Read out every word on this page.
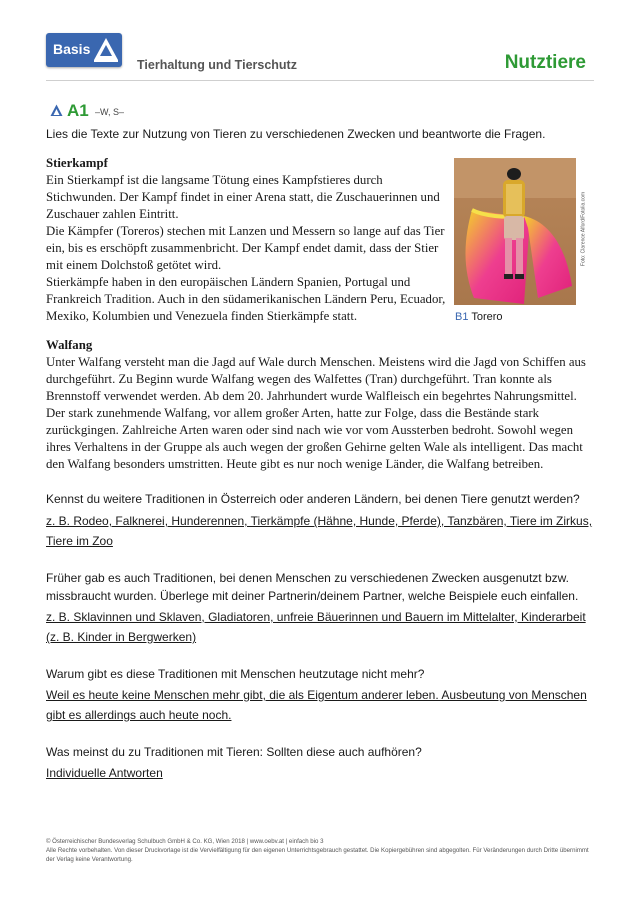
Basis
Tierhaltung und Tierschutz	Nutztiere
A1 –W, S–
Lies die Texte zur Nutzung von Tieren zu verschiedenen Zwecken und beantworte die Fragen.

Stierkampf

Ein Stierkampf ist die langsame Tötung eines Kampfstieres durch Stichwunden. Der Kampf findet in einer Arena statt, die Zuschauerinnen und Zuschauer zahlen Eintritt.

Die Kämpfer (Toreros) stechen mit Lanzen und Messern so lange auf das Tier ein, bis es erschöpft zusammenbricht. Der Kampf endet damit, dass der Stier mit einem Dolchstoß getötet wird.

Stierkämpfe haben in den europäischen Ländern Spanien, Portugal und Frankreich Tradition. Auch in den südamerikanischen Ländern Peru, Ecuador, Mexiko, Kolumbien und Venezuela finden Stierkämpfe statt.

Foto: Clarence Alford/Fotolia.com
B1 Torero

Walfang

Unter Walfang versteht man die Jagd auf Wale durch Menschen. Meistens wird die Jagd von Schiffen aus durchgeführt. Zu Beginn wurde Walfang wegen des Walfettes (Tran) durchgeführt. Tran konnte als Brennstoff verwendet werden. Ab dem 20. Jahrhundert wurde Walfleisch ein begehrtes Nahrungsmittel. Der stark zunehmende Walfang, vor allem großer Arten, hatte zur Folge, dass die Bestände stark zurückgingen. Zahlreiche Arten waren oder sind nach wie vor vom Aussterben bedroht. Sowohl wegen ihres Verhaltens in der Gruppe als auch wegen der großen Gehirne gelten Wale als intelligent. Das macht den Walfang besonders umstritten. Heute gibt es nur noch wenige Länder, die Walfang betreiben.

Kennst du weitere Traditionen in Österreich oder anderen Ländern, bei denen Tiere genutzt werden?
z. B. Rodeo, Falknerei, Hunderennen, Tierkämpfe (Hähne, Hunde, Pferde), Tanzbären, Tiere im Zirkus, Tiere im Zoo
Früher gab es auch Traditionen, bei denen Menschen zu verschiedenen Zwecken ausgenutzt bzw. missbraucht wurden. Überlege mit deiner Partnerin/deinem Partner, welche Beispiele euch einfallen.
z. B. Sklavinnen und Sklaven, Gladiatoren, unfreie Bäuerinnen und Bauern im Mittelalter, Kinderarbeit (z. B. Kinder in Bergwerken)
Warum gibt es diese Traditionen mit Menschen heutzutage nicht mehr?
Weil es heute keine Menschen mehr gibt, die als Eigentum anderer leben. Ausbeutung von Menschen gibt es allerdings auch heute noch.
Was meinst du zu Traditionen mit Tieren: Sollten diese auch aufhören?
Individuelle Antworten
© Österreichischer Bundesverlag Schulbuch GmbH & Co. KG, Wien 2018 | www.oebv.at | einfach bio 3
Alle Rechte vorbehalten. Von dieser Druckvorlage ist die Vervielfältigung für den eigenen Unterrichtsgebrauch gestattet. Die Kopiergebühren sind abgegolten. Für Veränderungen durch Dritte übernimmt der Verlag keine Verantwortung.
